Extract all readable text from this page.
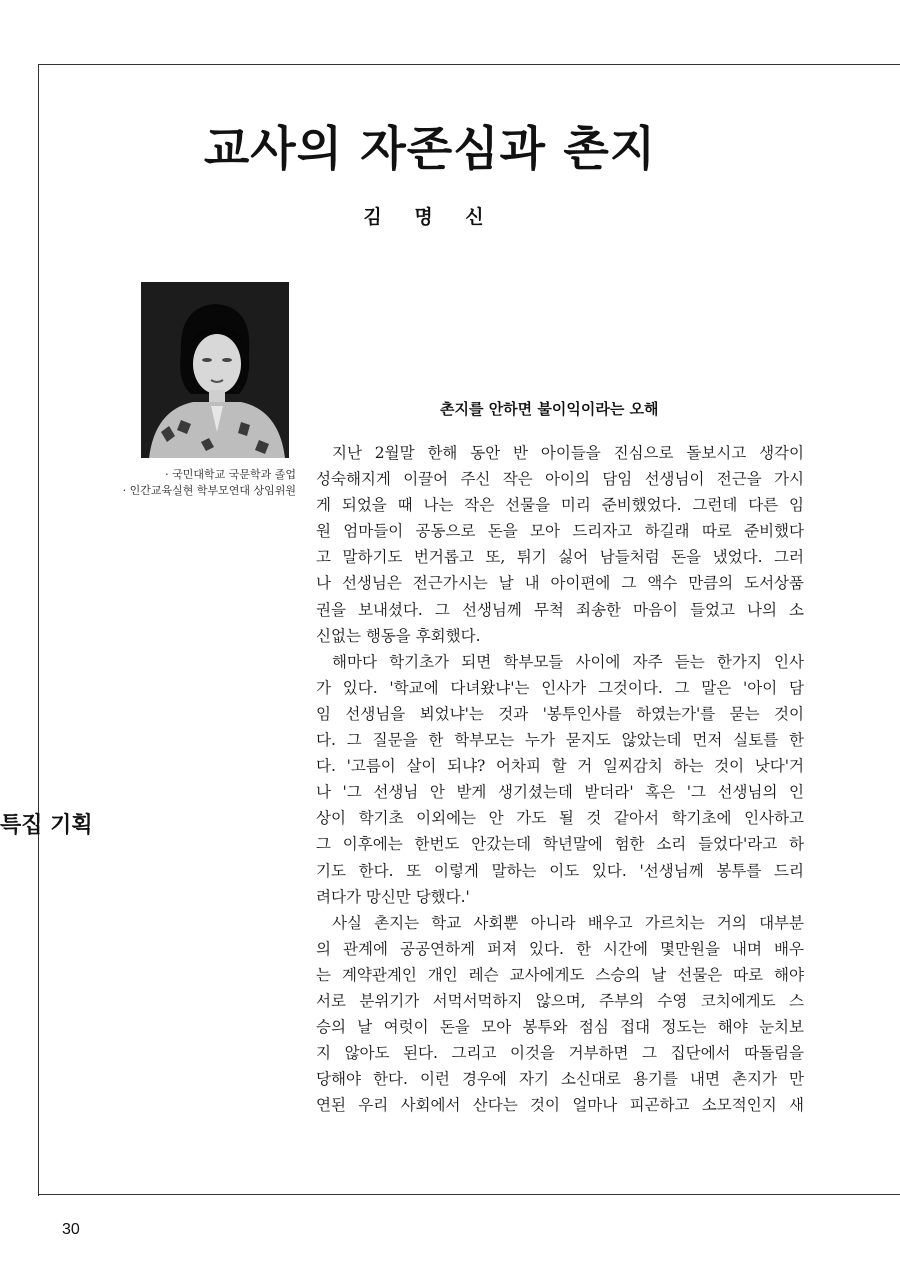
교사의 자존심과 촌지
김 명 신
· 국민대학교 국문학과 졸업
· 인간교육실현 학부모연대 상임위원
촌지를 안하면 불이익이라는 오해
지난 2월말 한해 동안 반 아이들을 진심으로 돌보시고 생각이
성숙해지게 이끌어 주신 작은 아이의 담임 선생님이 전근을 가시
게 되었을 때 나는 작은 선물을 미리 준비했었다. 그런데 다른 임
원 엄마들이 공동으로 돈을 모아 드리자고 하길래 따로 준비했다
고 말하기도 번거롭고 또, 튀기 싫어 남들처럼 돈을 냈었다. 그러
나 선생님은 전근가시는 날 내 아이편에 그 액수 만큼의 도서상품
권을 보내셨다. 그 선생님께 무척 죄송한 마음이 들었고 나의 소
신없는 행동을 후회했다.
해마다 학기초가 되면 학부모들 사이에 자주 듣는 한가지 인사
가 있다. '학교에 다녀왔냐'는 인사가 그것이다. 그 말은 '아이 담
임 선생님을 뵈었냐'는 것과 '봉투인사를 하였는가'를 묻는 것이
다. 그 질문을 한 학부모는 누가 묻지도 않았는데 먼저 실토를 한
다. '고름이 살이 되냐? 어차피 할 거 일찌감치 하는 것이 낫다'거
나 '그 선생님 안 받게 생기셨는데 받더라' 혹은 '그 선생님의 인
상이 학기초 이외에는 안 가도 될 것 같아서 학기초에 인사하고
그 이후에는 한번도 안갔는데 학년말에 험한 소리 들었다'라고 하
기도 한다. 또 이렇게 말하는 이도 있다. '선생님께 봉투를 드리
려다가 망신만 당했다.'
사실 촌지는 학교 사회뿐 아니라 배우고 가르치는 거의 대부분
의 관계에 공공연하게 퍼져 있다. 한 시간에 몇만원을 내며 배우
는 계약관계인 개인 레슨 교사에게도 스승의 날 선물은 따로 해야
서로 분위기가 서먹서먹하지 않으며, 주부의 수영 코치에게도 스
승의 날 여럿이 돈을 모아 봉투와 점심 접대 정도는 해야 눈치보
지 않아도 된다. 그리고 이것을 거부하면 그 집단에서 따돌림을
당해야 한다. 이런 경우에 자기 소신대로 용기를 내면 촌지가 만
연된 우리 사회에서 산다는 것이 얼마나 피곤하고 소모적인지 새
특집 기획
30
